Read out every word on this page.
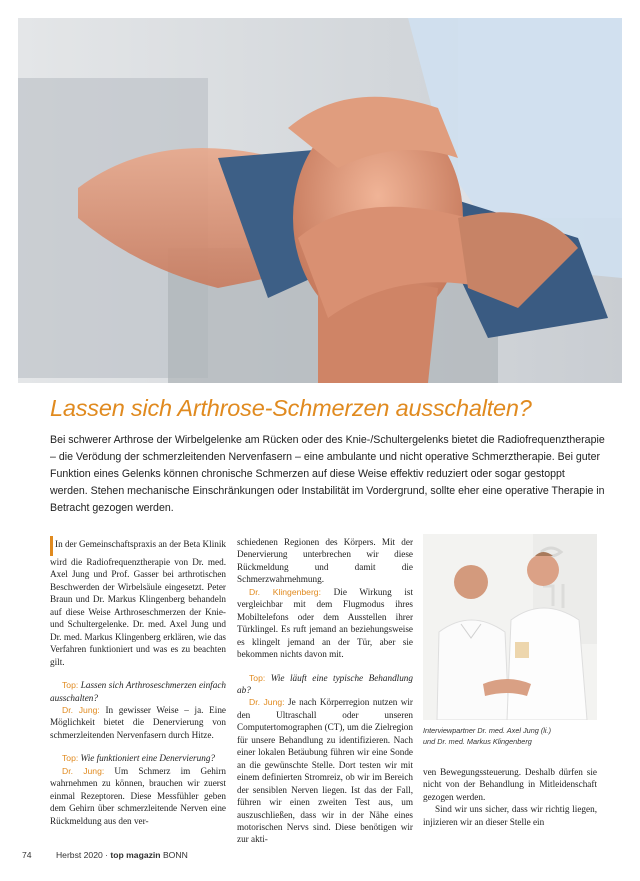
Lassen sich Arthrose-Schmerzen ausschalten?

Bei schwerer Arthrose der Wirbelgelenke am Rücken oder des Knie-/Schultergelenks bietet die Radiofrequenztherapie – die Verödung der schmerzleitenden Nervenfasern – eine ambulante und nicht operative Schmerztherapie. Bei guter Funktion eines Gelenks können chronische Schmerzen auf diese Weise effektiv reduziert oder sogar gestoppt werden. Stehen mechanische Einschränkungen oder Instabilität im Vordergrund, sollte eher eine operative Therapie in Betracht gezogen werden.

In der Gemeinschaftspraxis an der Beta Klinik wird die Radiofrequenztherapie von Dr. med. Axel Jung und Prof. Gasser bei arthrotischen Beschwerden der Wirbelsäule eingesetzt. Peter Braun und Dr. Markus Klingenberg behandeln auf diese Weise Arthroseschmerzen der Knie- und Schultergelenke. Dr. med. Axel Jung und Dr. med. Markus Klingenberg erklären, wie das Verfahren funktioniert und was es zu beachten gilt.

Top: Lassen sich Arthroseschmerzen einfach ausschalten?

Dr. Jung: In gewisser Weise – ja. Eine Möglichkeit bietet die Denervierung von schmerzleitenden Nervenfasern durch Hitze.

Top: Wie funktioniert eine Denervierung?

Dr. Jung: Um Schmerz im Gehirn wahrnehmen zu können, brauchen wir zuerst einmal Rezeptoren. Diese Messfühler geben dem Gehirn über schmerzleitende Nerven eine Rückmeldung aus den ver-

schiedenen Regionen des Körpers. Mit der Denervierung unterbrechen wir diese Rückmeldung und damit die Schmerzwahrnehmung.

Dr. Klingenberg: Die Wirkung ist vergleichbar mit dem Flugmodus ihres Mobiltelefons oder dem Ausstellen ihrer Türklingel. Es ruft jemand an beziehungsweise es klingelt jemand an der Tür, aber sie bekommen nichts davon mit.

Top: Wie läuft eine typische Behandlung ab?

Dr. Jung: Je nach Körperregion nutzen wir den Ultraschall oder unseren Computertomographen (CT), um die Zielregion für unsere Behandlung zu identifizieren. Nach einer lokalen Betäubung führen wir eine Sonde an die gewünschte Stelle. Dort testen wir mit einem definierten Stromreiz, ob wir im Bereich der sensiblen Nerven liegen. Ist das der Fall, führen wir einen zweiten Test aus, um auszuschließen, dass wir in der Nähe eines motorischen Nervs sind. Diese benötigen wir zur akti-

Interviewpartner Dr. med. Axel Jung (li.)
und Dr. med. Markus Klingenberg

ven Bewegungssteuerung. Deshalb dürfen sie nicht von der Behandlung in Mitleidenschaft gezogen werden.

Sind wir uns sicher, dass wir richtig liegen, injizieren wir an dieser Stelle ein

74	Herbst 2020 · top magazin BONN
